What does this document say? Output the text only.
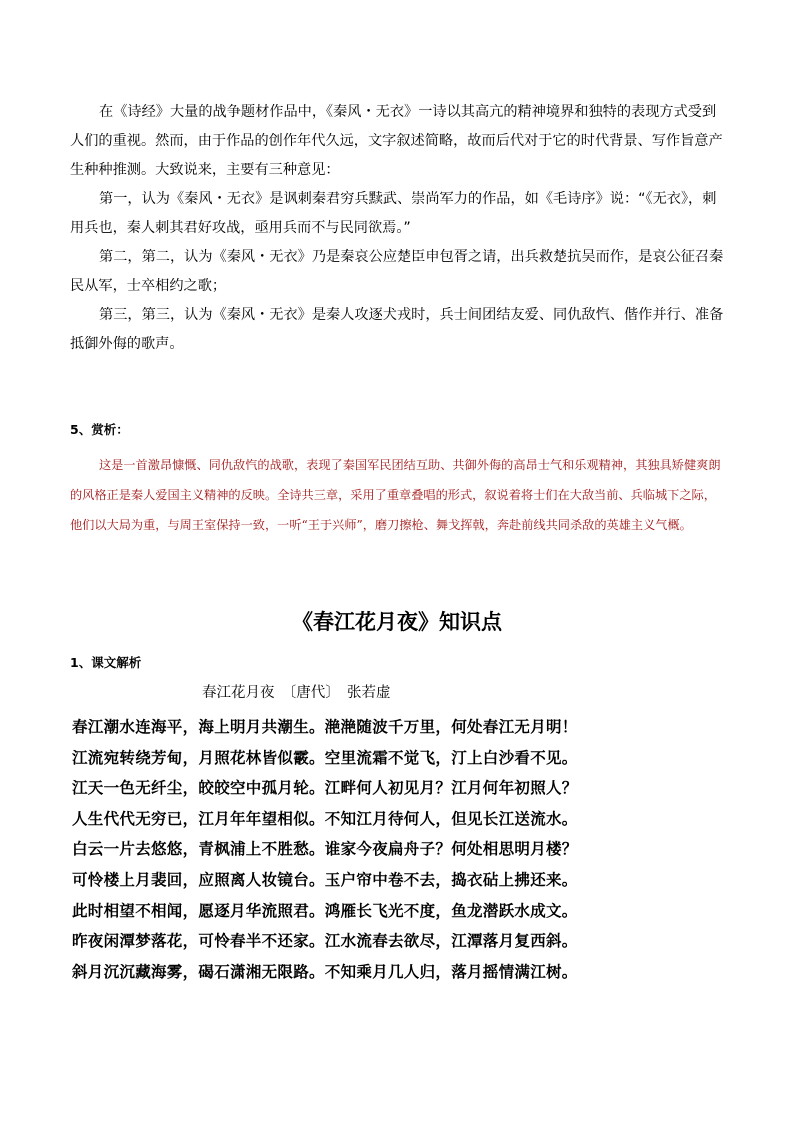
在《诗经》大量的战争题材作品中，《秦风・无衣》一诗以其高亢的精神境界和独特的表现方式受到人们的重视。然而，由于作品的创作年代久远，文字叙述简略，故而后代对于它的时代背景、写作旨意产生种种推测。大致说来，主要有三种意见：

第一，认为《秦风・无衣》是讽刺秦君穷兵黩武、崇尚军力的作品，如《毛诗序》说：“《无衣》，刺用兵也，秦人刺其君好攻战，亟用兵而不与民同欲焉。”

第二，第二，认为《秦风・无衣》乃是秦哀公应楚臣申包胥之请，出兵救楚抗吴而作，是哀公征召秦民从军，士卒相约之歌；

第三，第三，认为《秦风・无衣》是秦人攻逐犬戎时，兵士间团结友爱、同仇敌忾、偕作并行、准备抵御外侮的歌声。

5、赏析：

这是一首激昂慷慨、同仇敌忾的战歌，表现了秦国军民团结互助、共御外侮的高昂士气和乐观精神，其独具矫健爽朗的风格正是秦人爱国主义精神的反映。全诗共三章，采用了重章叠唱的形式，叙说着将士们在大敌当前、兵临城下之际，他们以大局为重，与周王室保持一致，一听“王于兴师”，磨刀擦枪、舞戈挥戟，奔赴前线共同杀敌的英雄主义气概。

《春江花月夜》知识点
1、课文解析
春江花月夜　〔唐代〕　张若虚
春江潮水连海平，海上明月共潮生。滟滟随波千万里，何处春江无月明！
江流宛转绕芳甸，月照花林皆似霰。空里流霜不觉飞，汀上白沙看不见。
江天一色无纤尘，皎皎空中孤月轮。江畔何人初见月？江月何年初照人？
人生代代无穷已，江月年年望相似。不知江月待何人，但见长江送流水。
白云一片去悠悠，青枫浦上不胜愁。谁家今夜扁舟子？何处相思明月楼？
可怜楼上月裴回，应照离人妆镜台。玉户帘中卷不去，捣衣砧上拂还来。
此时相望不相闻，愿逐月华流照君。鸿雁长飞光不度，鱼龙潜跃水成文。
昨夜闲潭梦落花，可怜春半不还家。江水流春去欲尽，江潭落月复西斜。
斜月沉沉藏海雾，碣石潇湘无限路。不知乘月几人归，落月摇情满江树。
